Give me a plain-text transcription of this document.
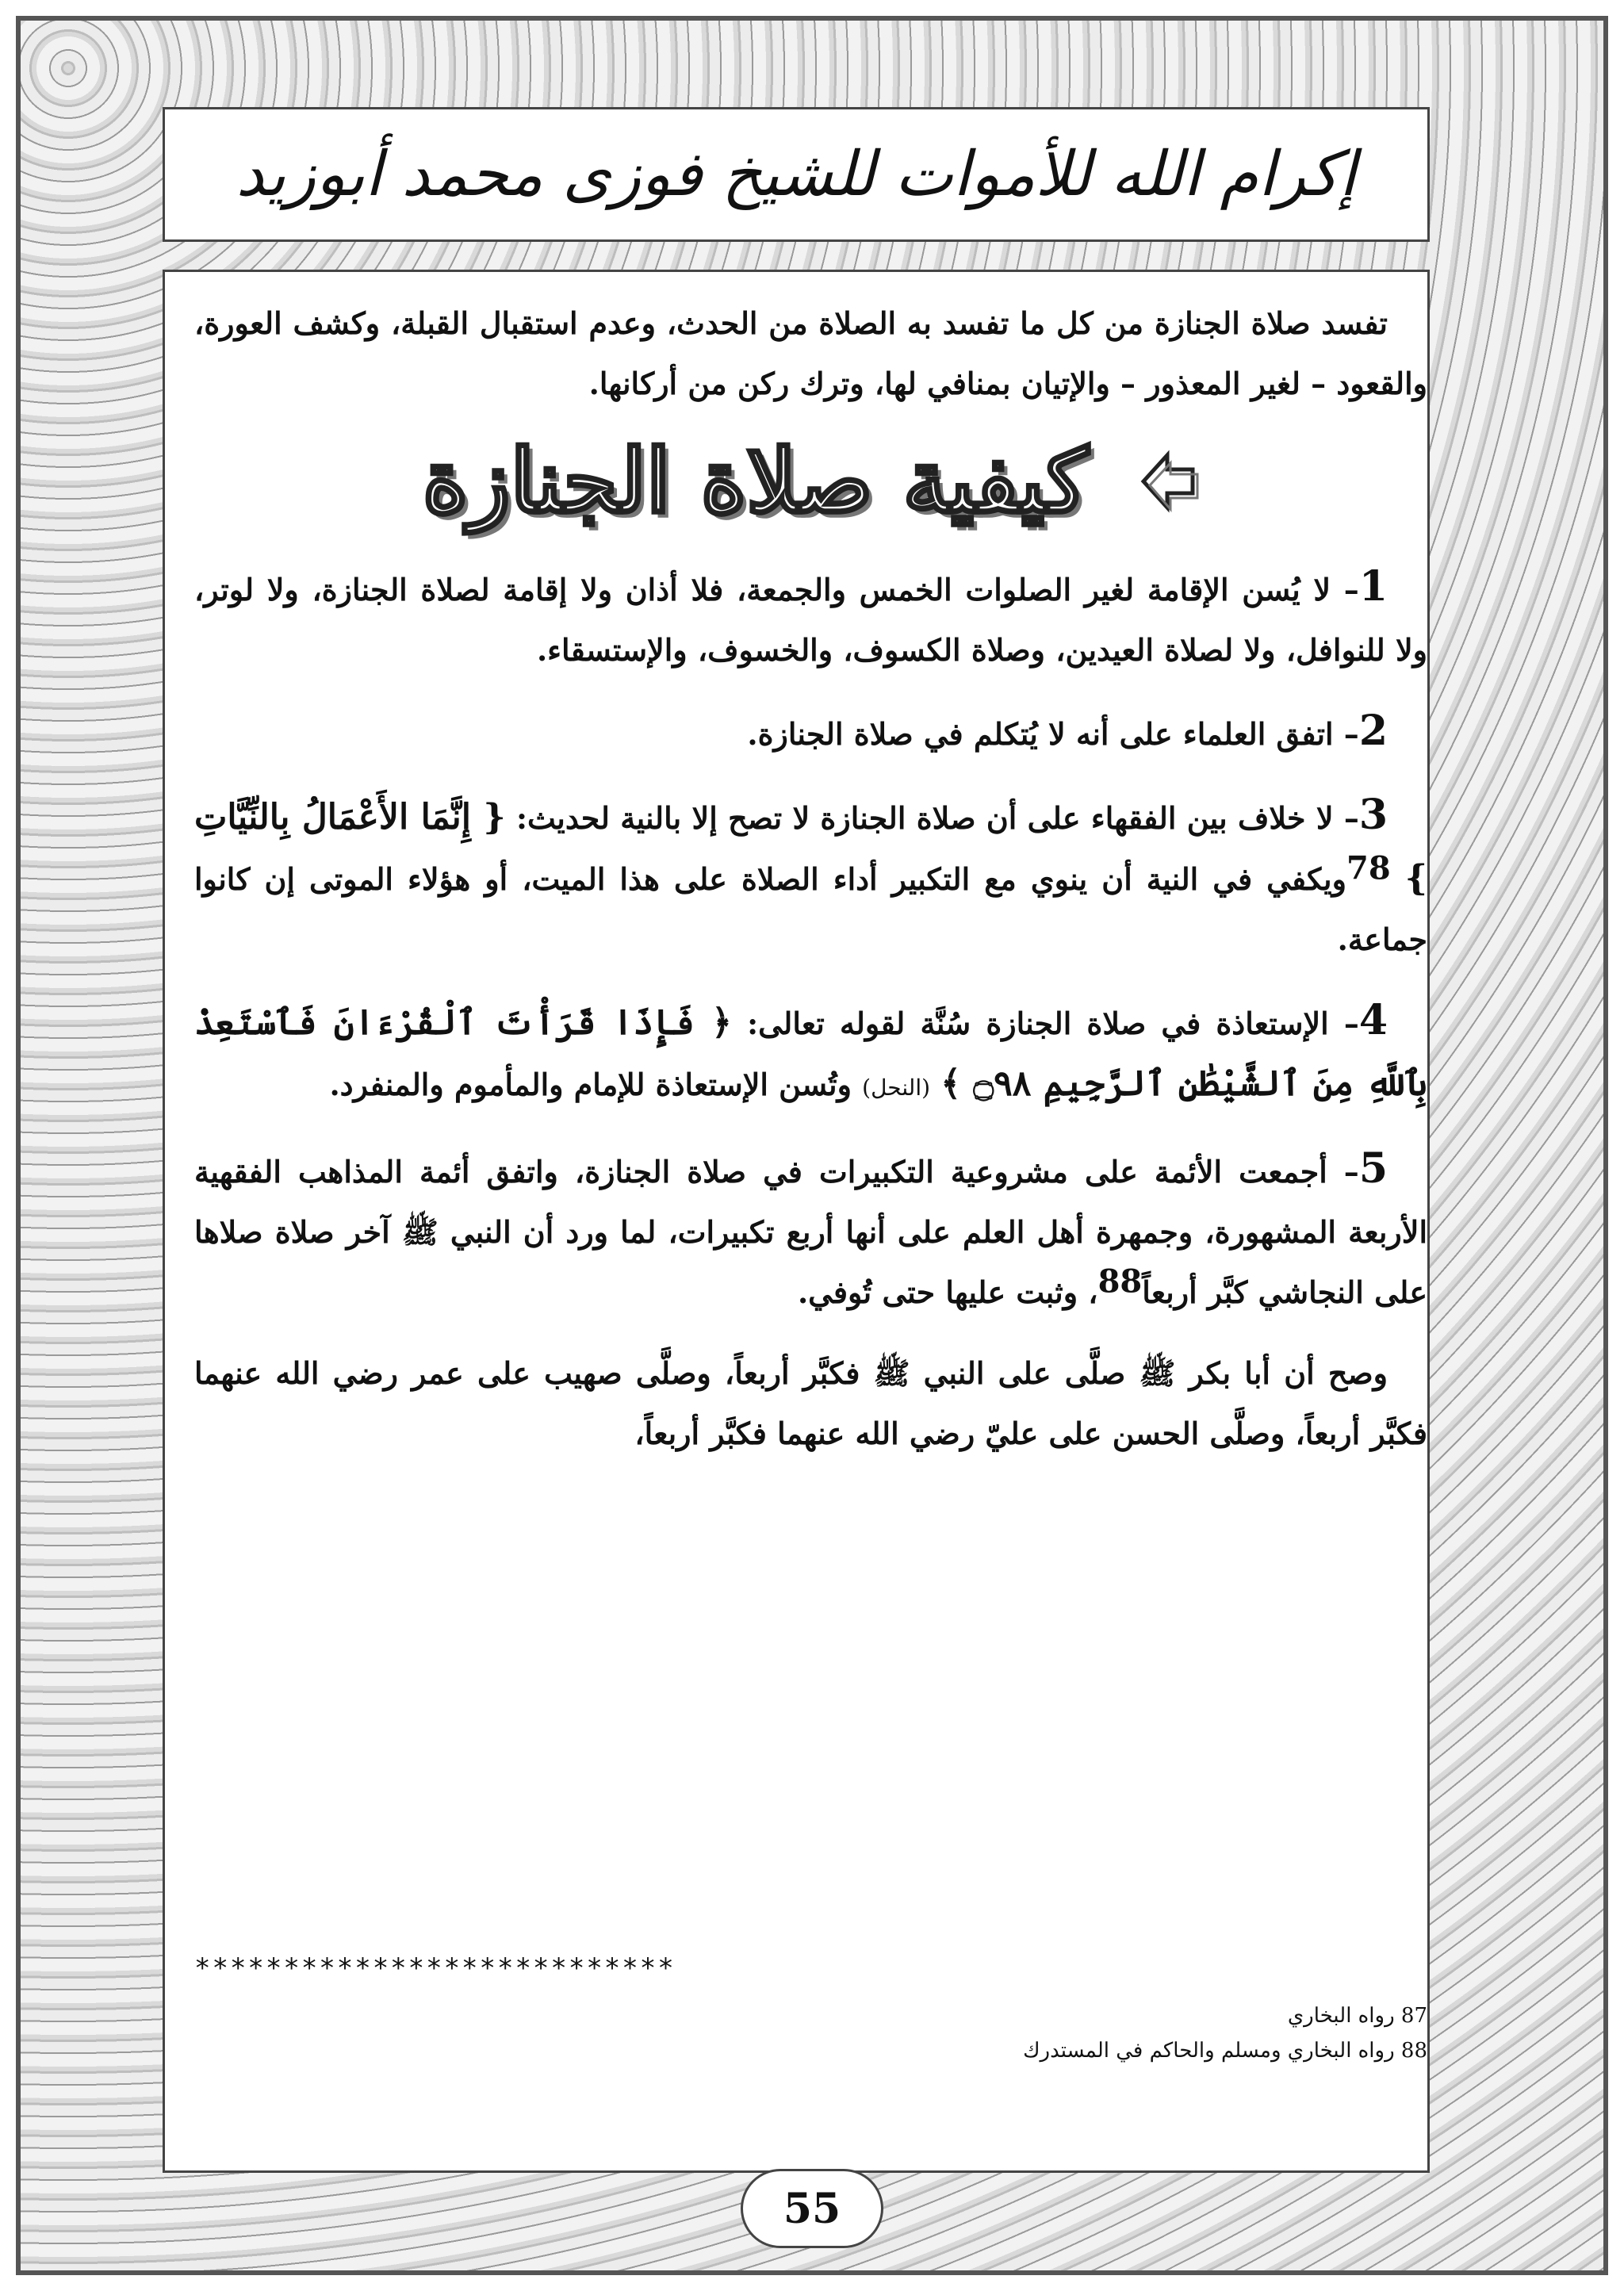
إكرام الله للأموات للشيخ فوزى محمد أبوزيد

تفسد صلاة الجنازة من كل ما تفسد به الصلاة من الحدث، وعدم استقبال القبلة، وكشف العورة، والقعود – لغير المعذور – والإتيان بمنافي لها، وترك ركن من أركانها.

كيفية صلاة الجنازة

1– لا يُسن الإقامة لغير الصلوات الخمس والجمعة، فلا أذان ولا إقامة لصلاة الجنازة، ولا لوتر، ولا للنوافل، ولا لصلاة العيدين، وصلاة الكسوف، والخسوف، والإستسقاء.

2– اتفق العلماء على أنه لا يُتكلم في صلاة الجنازة.

3– لا خلاف بين الفقهاء على أن صلاة الجنازة لا تصح إلا بالنية لحديث: { إِنَّمَا الأَعْمَالُ بِالنِّيَّاتِ } 78ويكفي في النية أن ينوي مع التكبير أداء الصلاة على هذا الميت، أو هؤلاء الموتى إن كانوا جماعة.

4– الإستعاذة في صلاة الجنازة سُنَّة لقوله تعالى: ﴿ فَإِذَا قَرَأْتَ ٱلْقُرْءَانَ فَٱسْتَعِذْ بِٱللَّهِ مِنَ ٱلشَّيْطَٰنِ ٱلرَّجِيمِ ۝٩٨ ﴾ (النحل) وتُسن الإستعاذة للإمام والمأموم والمنفرد.

5– أجمعت الأئمة على مشروعية التكبيرات في صلاة الجنازة، واتفق أئمة المذاهب الفقهية الأربعة المشهورة، وجمهرة أهل العلم على أنها أربع تكبيرات، لما ورد أن النبي ﷺ آخر صلاة صلاها على النجاشي كبَّر أربعاً88، وثبت عليها حتى تُوفي.

وصح أن أبا بكر ﷺ صلَّى على النبي ﷺ فكبَّر أربعاً، وصلَّى صهيب على عمر رضي الله عنهما فكبَّر أربعاً، وصلَّى الحسن على عليّ رضي الله عنهما فكبَّر أربعاً،

***************************
87 رواه البخاري
88 رواه البخاري ومسلم والحاكم في المستدرك
55
